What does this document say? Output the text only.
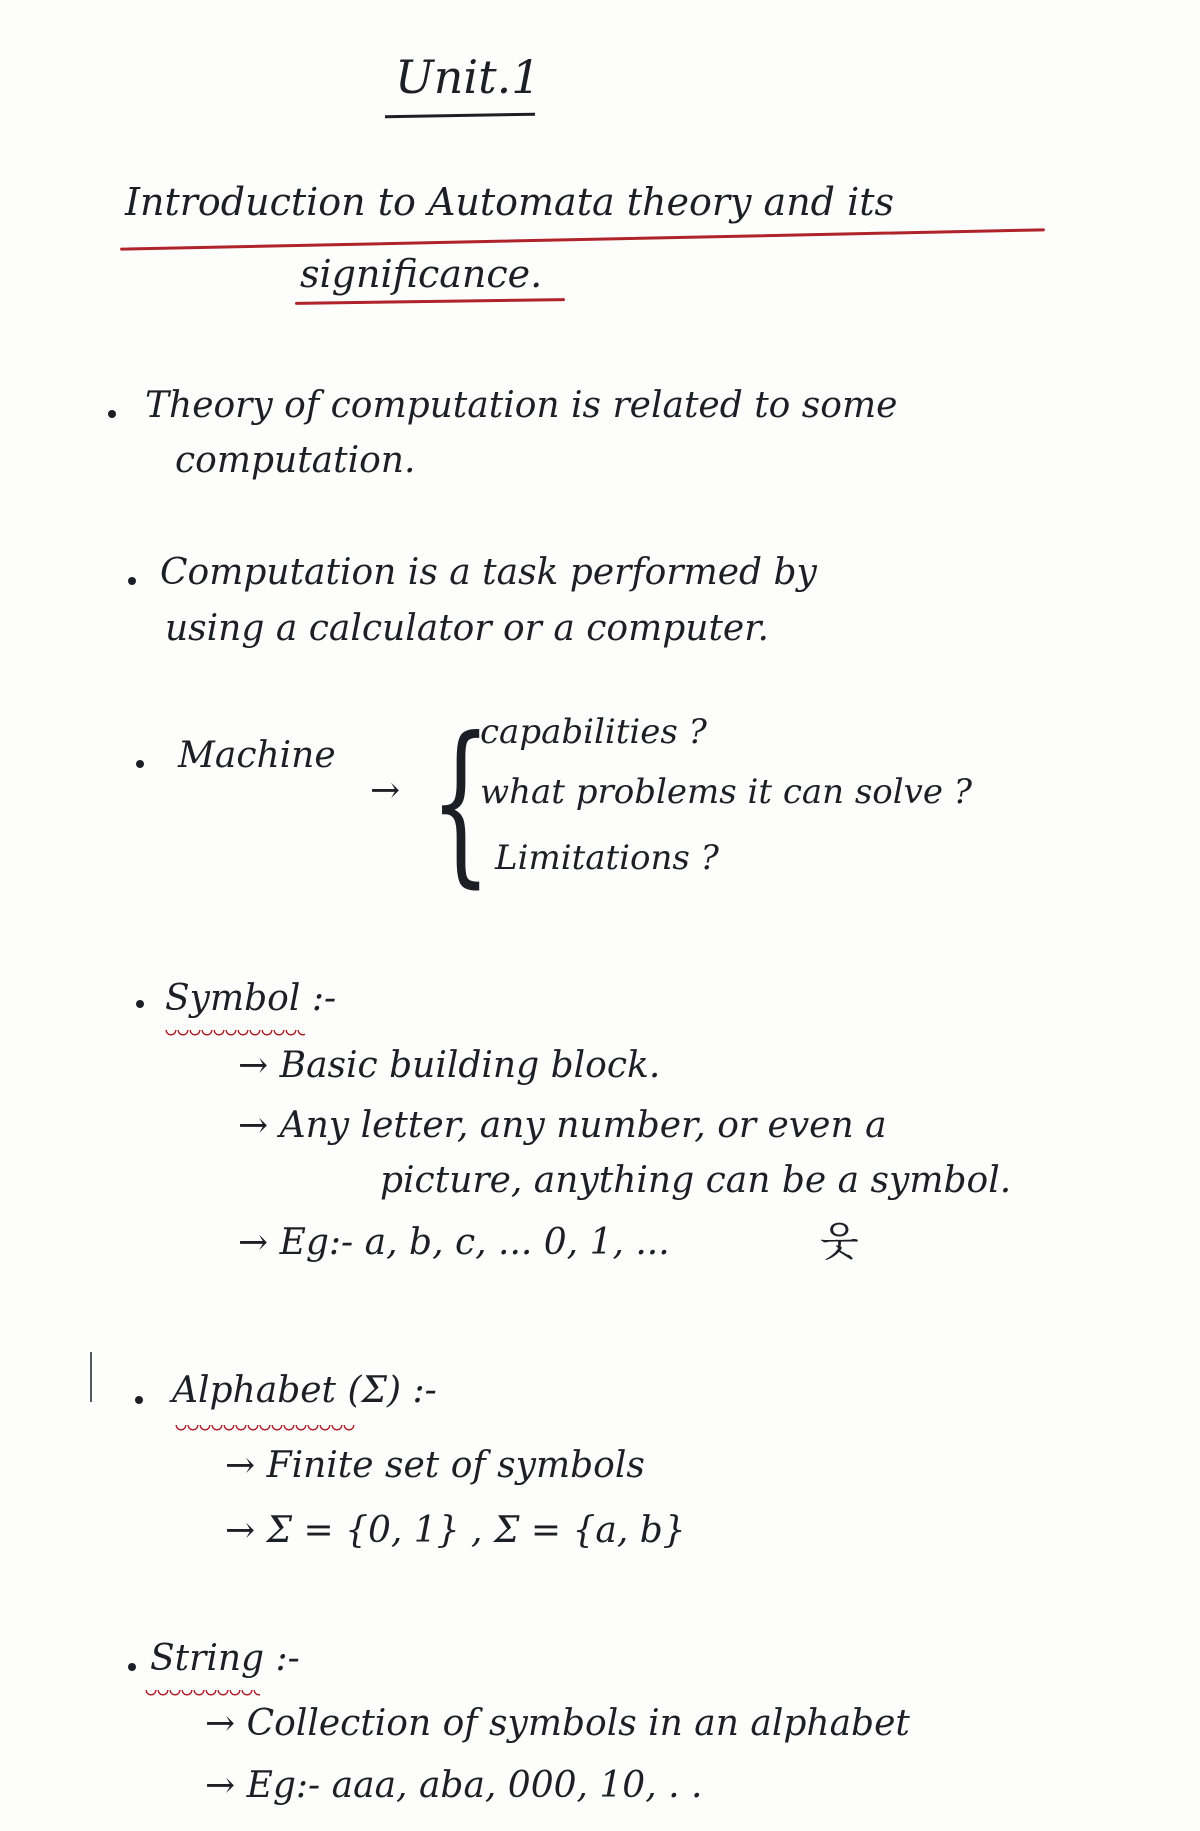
Unit.1
Introduction to Automata theory and its
significance.
Theory of computation is related to some
computation.
Computation is a task performed by
using a calculator or a computer.
Machine
→ {
capabilities ?
what problems it can solve ?
Limitations ?
Symbol :-
→ Basic building block.
→ Any letter, any number, or even a
picture, anything can be a symbol.
→ Eg:- a, b, c, ... 0, 1, ...	웃
Alphabet (Σ) :-
→ Finite set of symbols
→ Σ = {0, 1} , Σ = {a, b}
String :-
→ Collection of symbols in an alphabet
→ Eg:- aaa, aba, 000, 10, . .
